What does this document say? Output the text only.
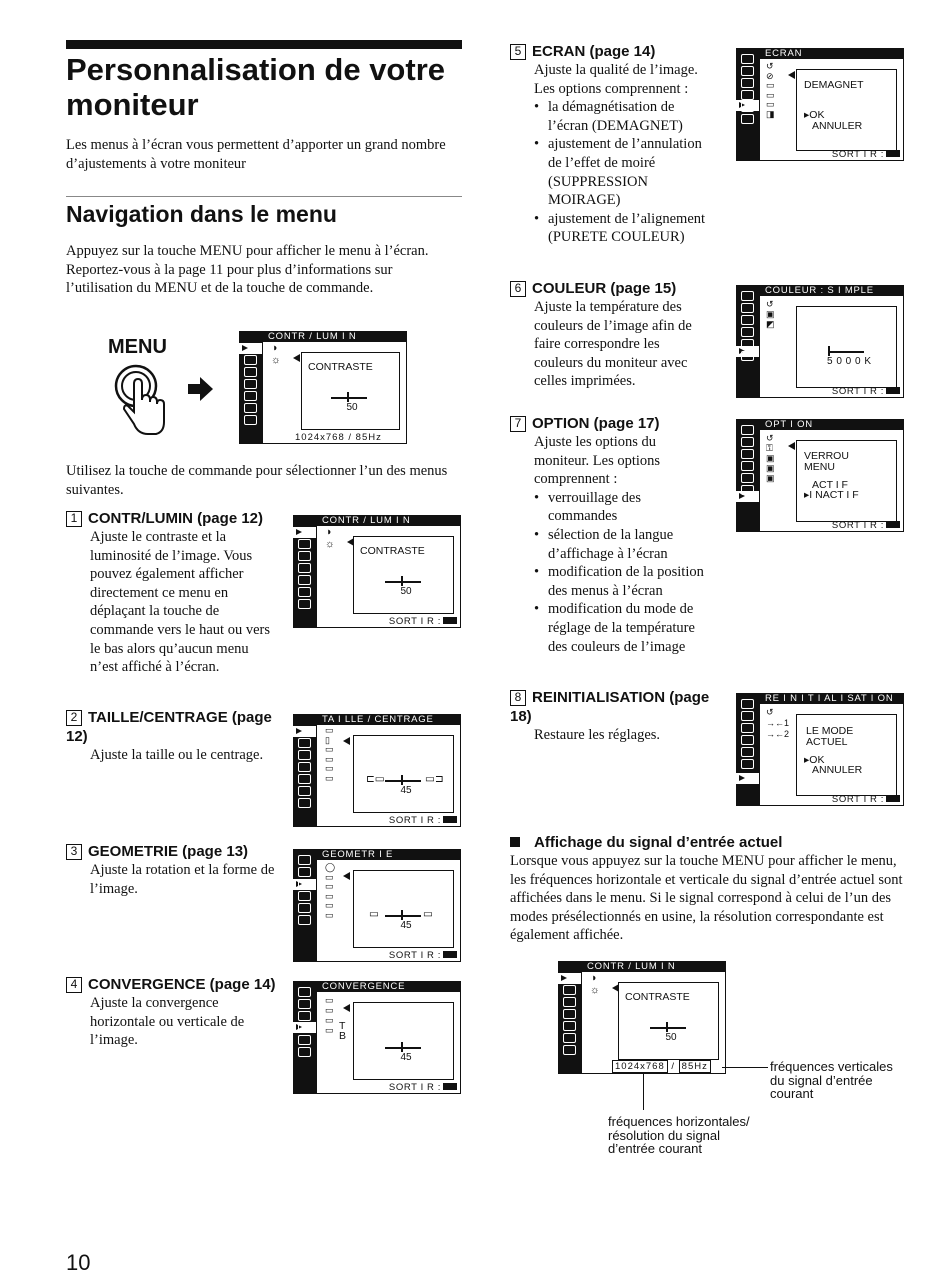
Personnalisation de votre moniteur
Les menus à l’écran vous permettent d’apporter un grand nombre d’ajustements à votre moniteur
Navigation dans le menu
Appuyez sur la touche MENU pour afficher le menu à l’écran. Reportez-vous à la page 11 pour plus d’informations sur l’utilisation du MENU et de la touche de commande.
MENU	CONTR / LUM I N
◑
☼
CONTRASTE
50
1024x768 / 85Hz
Utilisez la touche de commande pour sélectionner l’un des menus suivantes.
1 CONTR/LUMIN (page 12)
Ajuste le contraste et la luminosité de l’image. Vous pouvez également afficher directement ce menu en déplaçant la touche de commande vers le haut ou vers le bas alors qu’aucun menu n’est affiché à l’écran.
CONTR / LUM I N
◑
☼
CONTRASTE
50
SORT I R :
2 TAILLE/CENTRAGE (page 12)
Ajuste la taille ou le centrage.
TA I LLE / CENTRAGE
▭
▯
▭
▭
▭
▭	⊏▭	▭⊐
45
SORT I R :
3 GEOMETRIE (page 13)
Ajuste la rotation et la forme de l’image.
GEOMETR I E
◯
▭
▭
▭
▭
▭	▭	▭
45
SORT I R :
4 CONVERGENCE (page 14)
Ajuste la convergence horizontale ou verticale de l’image.
CONVERGENCE
▭
▭
▭
▭ T
B
45
SORT I R :
10
5 ECRAN (page 14)
Ajuste la qualité de l’image. Les options comprennent :
• la démagnétisation de l’écran (DEMAGNET)
• ajustement de l’annulation de l’effet de moiré (SUPPRESSION MOIRAGE)
• ajustement de l’alignement (PURETE COULEUR)
ECRAN
↺
⊘
▭
▭
▭
◨
DEMAGNET
▸OK
ANNULER
SORT I R :
6 COULEUR (page 15)
Ajuste la température des couleurs de l’image afin de faire correspondre les couleurs du moniteur avec celles imprimées.
COULEUR : S I MPLE
↺
▣
◩
5 0 0 0 K
SORT I R :
7 OPTION (page 17)
Ajuste les options du moniteur. Les options comprennent :
• verrouillage des commandes
• sélection de la langue d’affichage à l’écran
• modification de la position des menus à l’écran
• modification du mode de réglage de la température des couleurs de l’image
OPT I ON
↺
⚿
▣
▣
▣
VERROU
MENU
ACT I F
▸I NACT I F
SORT I R :
8 REINITIALISATION (page 18)
Restaure les réglages.
RE I N I T I AL I SAT I ON
↺
→←1
→←2 LE MODE
ACTUEL
▸OK
ANNULER
SORT I R :
Affichage du signal d’entrée actuel
Lorsque vous appuyez sur la touche MENU pour afficher le menu, les fréquences horizontale et verticale du signal d’entrée actuel sont affichées dans le menu. Si le signal correspond à celui de l’un des modes présélectionnés en usine, la résolution correspondante est également affichée.
CONTR / LUM I N
◑
☼
CONTRASTE
50
1024x768 / 85Hz	fréquences verticales du signal d’entrée courant
fréquences horizontales/ résolution du signal d’entrée courant
